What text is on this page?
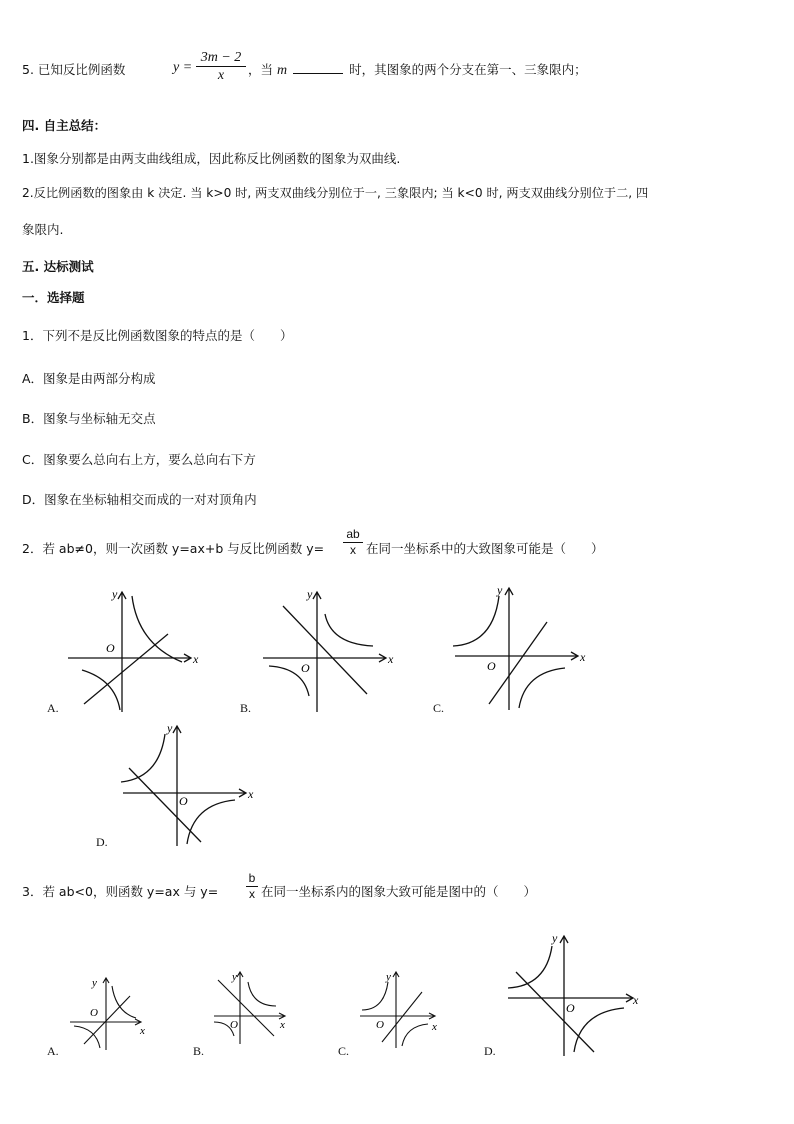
5. 已知反比例函数	y =
3m − 2
x	，当 m	时，其图象的两个分支在第一、三象限内；
四. 自主总结：
1.图象分别都是由两支曲线组成，因此称反比例函数的图象为双曲线.
2.反比例函数的图象由 k 决定. 当 k>0 时, 两支双曲线分别位于一, 三象限内; 当 k<0 时, 两支双曲线分别位于二, 四
象限内.
五. 达标测试
一．选择题
1．下列不是反比例函数图象的特点的是（　　）
A．图象是由两部分构成
B．图象与坐标轴无交点
C．图象要么总向右上方，要么总向右下方
D．图象在坐标轴相交而成的一对对顶角内
2．若 ab≠0，则一次函数 y=ax+b 与反比例函数 y=
ab
x 在同一坐标系中的大致图象可能是（　　）
x
y
O
A.
x
y
O
B.
x
y
O
C.
x
y
O
D.
3．若 ab<0，则函数 y=ax 与 y=
b
x 在同一坐标系内的图象大致可能是图中的（　　）
x
y
O
A.
x
y
O
B.
x
y
O
C.
x
y
O
D.
